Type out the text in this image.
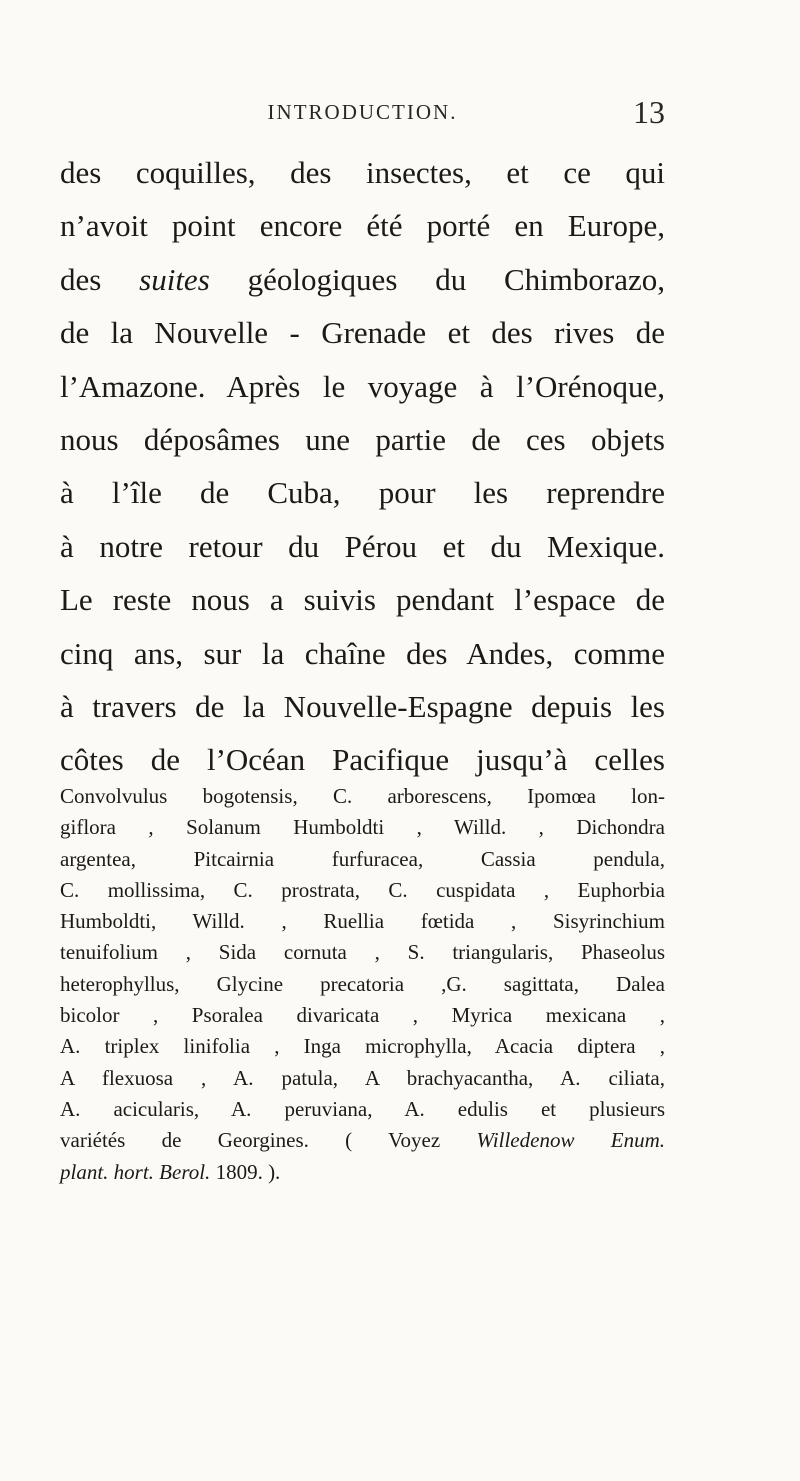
INTRODUCTION.	13
des coquilles, des insectes, et ce qui
n’avoit point encore été porté en Europe,
des suites géologiques du Chimborazo,
de la Nouvelle - Grenade et des rives de
l’Amazone. Après le voyage à l’Orénoque,
nous déposâmes une partie de ces objets
à l’île de Cuba, pour les reprendre
à notre retour du Pérou et du Mexique.
Le reste nous a suivis pendant l’espace de
cinq ans, sur la chaîne des Andes, comme
à travers de la Nouvelle-Espagne depuis les
côtes de l’Océan Pacifique jusqu’à celles
Convolvulus bogotensis, C. arborescens, Ipomœa lon-
giflora , Solanum Humboldti , Willd. , Dichondra
argentea, Pitcairnia furfuracea, Cassia pendula,
C. mollissima, C. prostrata, C. cuspidata , Euphorbia
Humboldti, Willd. , Ruellia fœtida , Sisyrinchium
tenuifolium , Sida cornuta , S. triangularis, Phaseolus
heterophyllus, Glycine precatoria ,G. sagittata, Dalea
bicolor , Psoralea divaricata , Myrica mexicana ,
A. triplex linifolia , Inga microphylla, Acacia diptera ,
A flexuosa , A. patula, A brachyacantha, A. ciliata,
A. acicularis, A. peruviana, A. edulis et plusieurs
variétés de Georgines. ( Voyez Willedenow Enum.
plant. hort. Berol. 1809. ).
